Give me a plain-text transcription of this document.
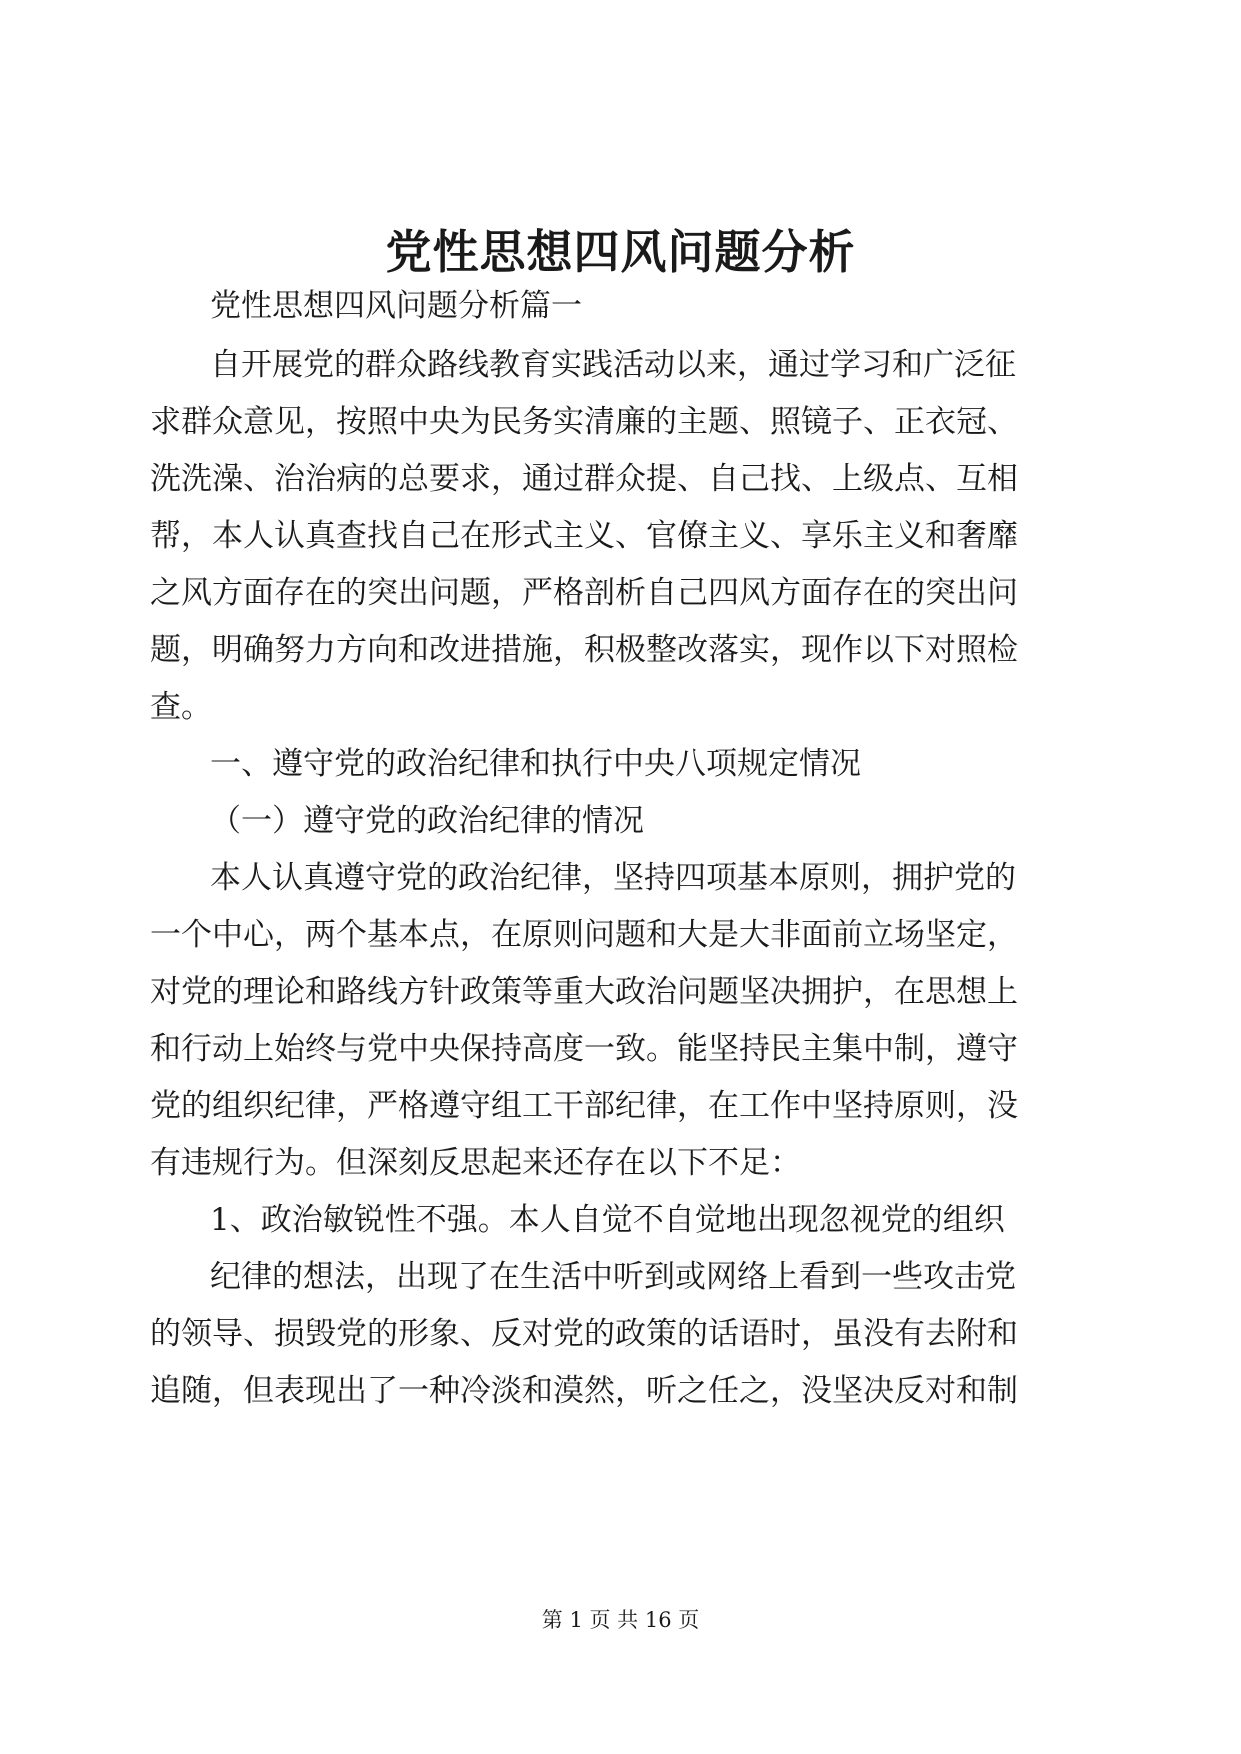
党性思想四风问题分析
党性思想四风问题分析篇一
自开展党的群众路线教育实践活动以来，通过学习和广泛征
求群众意见，按照中央为民务实清廉的主题、照镜子、正衣冠、
洗洗澡、治治病的总要求，通过群众提、自己找、上级点、互相
帮，本人认真查找自己在形式主义、官僚主义、享乐主义和奢靡
之风方面存在的突出问题，严格剖析自己四风方面存在的突出问
题，明确努力方向和改进措施，积极整改落实，现作以下对照检
查。
一、遵守党的政治纪律和执行中央八项规定情况
（一）遵守党的政治纪律的情况
本人认真遵守党的政治纪律，坚持四项基本原则，拥护党的
一个中心，两个基本点，在原则问题和大是大非面前立场坚定，
对党的理论和路线方针政策等重大政治问题坚决拥护，在思想上
和行动上始终与党中央保持高度一致。能坚持民主集中制，遵守
党的组织纪律，严格遵守组工干部纪律，在工作中坚持原则，没
有违规行为。但深刻反思起来还存在以下不足：
1、政治敏锐性不强。本人自觉不自觉地出现忽视党的组织
纪律的想法，出现了在生活中听到或网络上看到一些攻击党
的领导、损毁党的形象、反对党的政策的话语时，虽没有去附和
追随，但表现出了一种冷淡和漠然，听之任之，没坚决反对和制
第 1 页 共 16 页
